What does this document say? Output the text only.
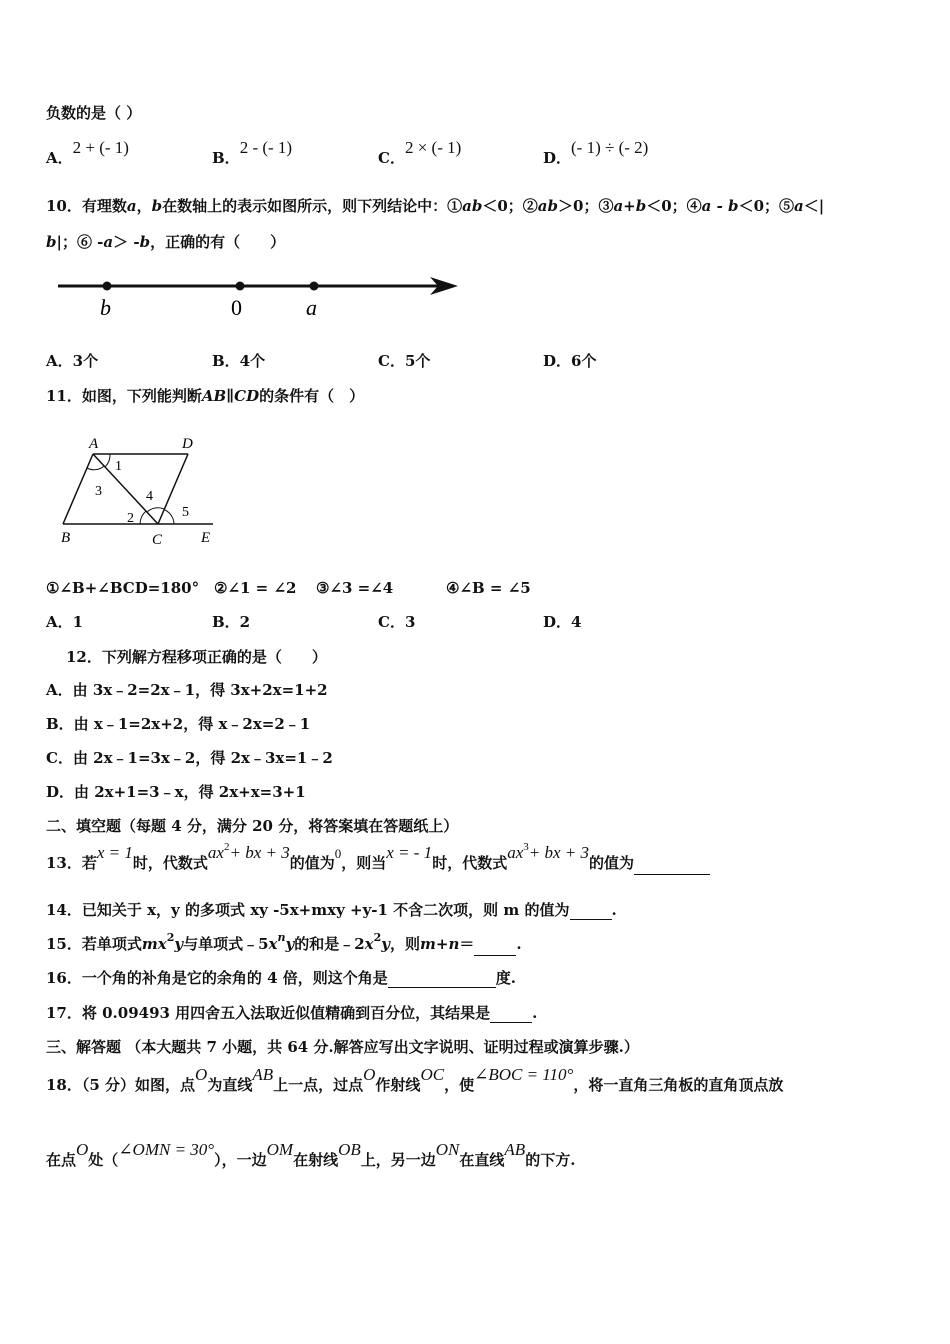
负数的是（ ）
A．2 + (- 1)
B．2 - (- 1)
C．2 × (- 1)
D．(- 1) ÷ (- 2)
10．有理数a，b在数轴上的表示如图所示，则下列结论中：①ab＜0；②ab＞0；③a+b＜0；④a - b＜0；⑤a＜|
b|；⑥ -a＞ -b，正确的有（　　）
b	0	a
A．3个	B．4个	C．5个	D．6个
11．如图，下列能判断AB∥CD的条件有（　）
A	D
B	C	E
1
3	4
2	5
①∠B+∠BCD=180° ②∠1 = ∠2 ③∠3 =∠4	④∠B = ∠5
A．1	B．2	C．3	D．4
12．下列解方程移项正确的是（　　）
A．由 3x﹣2=2x﹣1，得 3x+2x=1+2
B．由 x﹣1=2x+2，得 x﹣2x=2﹣1
C．由 2x﹣1=3x﹣2，得 2x﹣3x=1﹣2
D．由 2x+1=3﹣x，得 2x+x=3+1
二、填空题（每题 4 分，满分 20 分，将答案填在答题纸上）
13．若x = 1时，代数式$ax^2+$ bx + 3的值为0，则当x = - 1时，代数式$ax^3+$ bx + 3的值为
14．已知关于 x，y 的多项式 xy -5x+mxy +y-1 不含二次项，则 m 的值为	.
15．若单项式$mx^2y$与单项式$﹣5x^ny$的和是$﹣2x^2y$，则m+n＝	.
16．一个角的补角是它的余角的 4 倍，则这个角是	度.
17．将 0.09493 用四舍五入法取近似值精确到百分位，其结果是	.
三、解答题 （本大题共 7 小题，共 64 分.解答应写出文字说明、证明过程或演算步骤.）
18．（5 分）如图，点O为直线AB上一点，过点O作射线OC，使∠BOC = 110°，将一直角三角板的直角顶点放
在点O处（∠OMN = 30°），一边OM在射线OB上，另一边ON在直线AB的下方.
